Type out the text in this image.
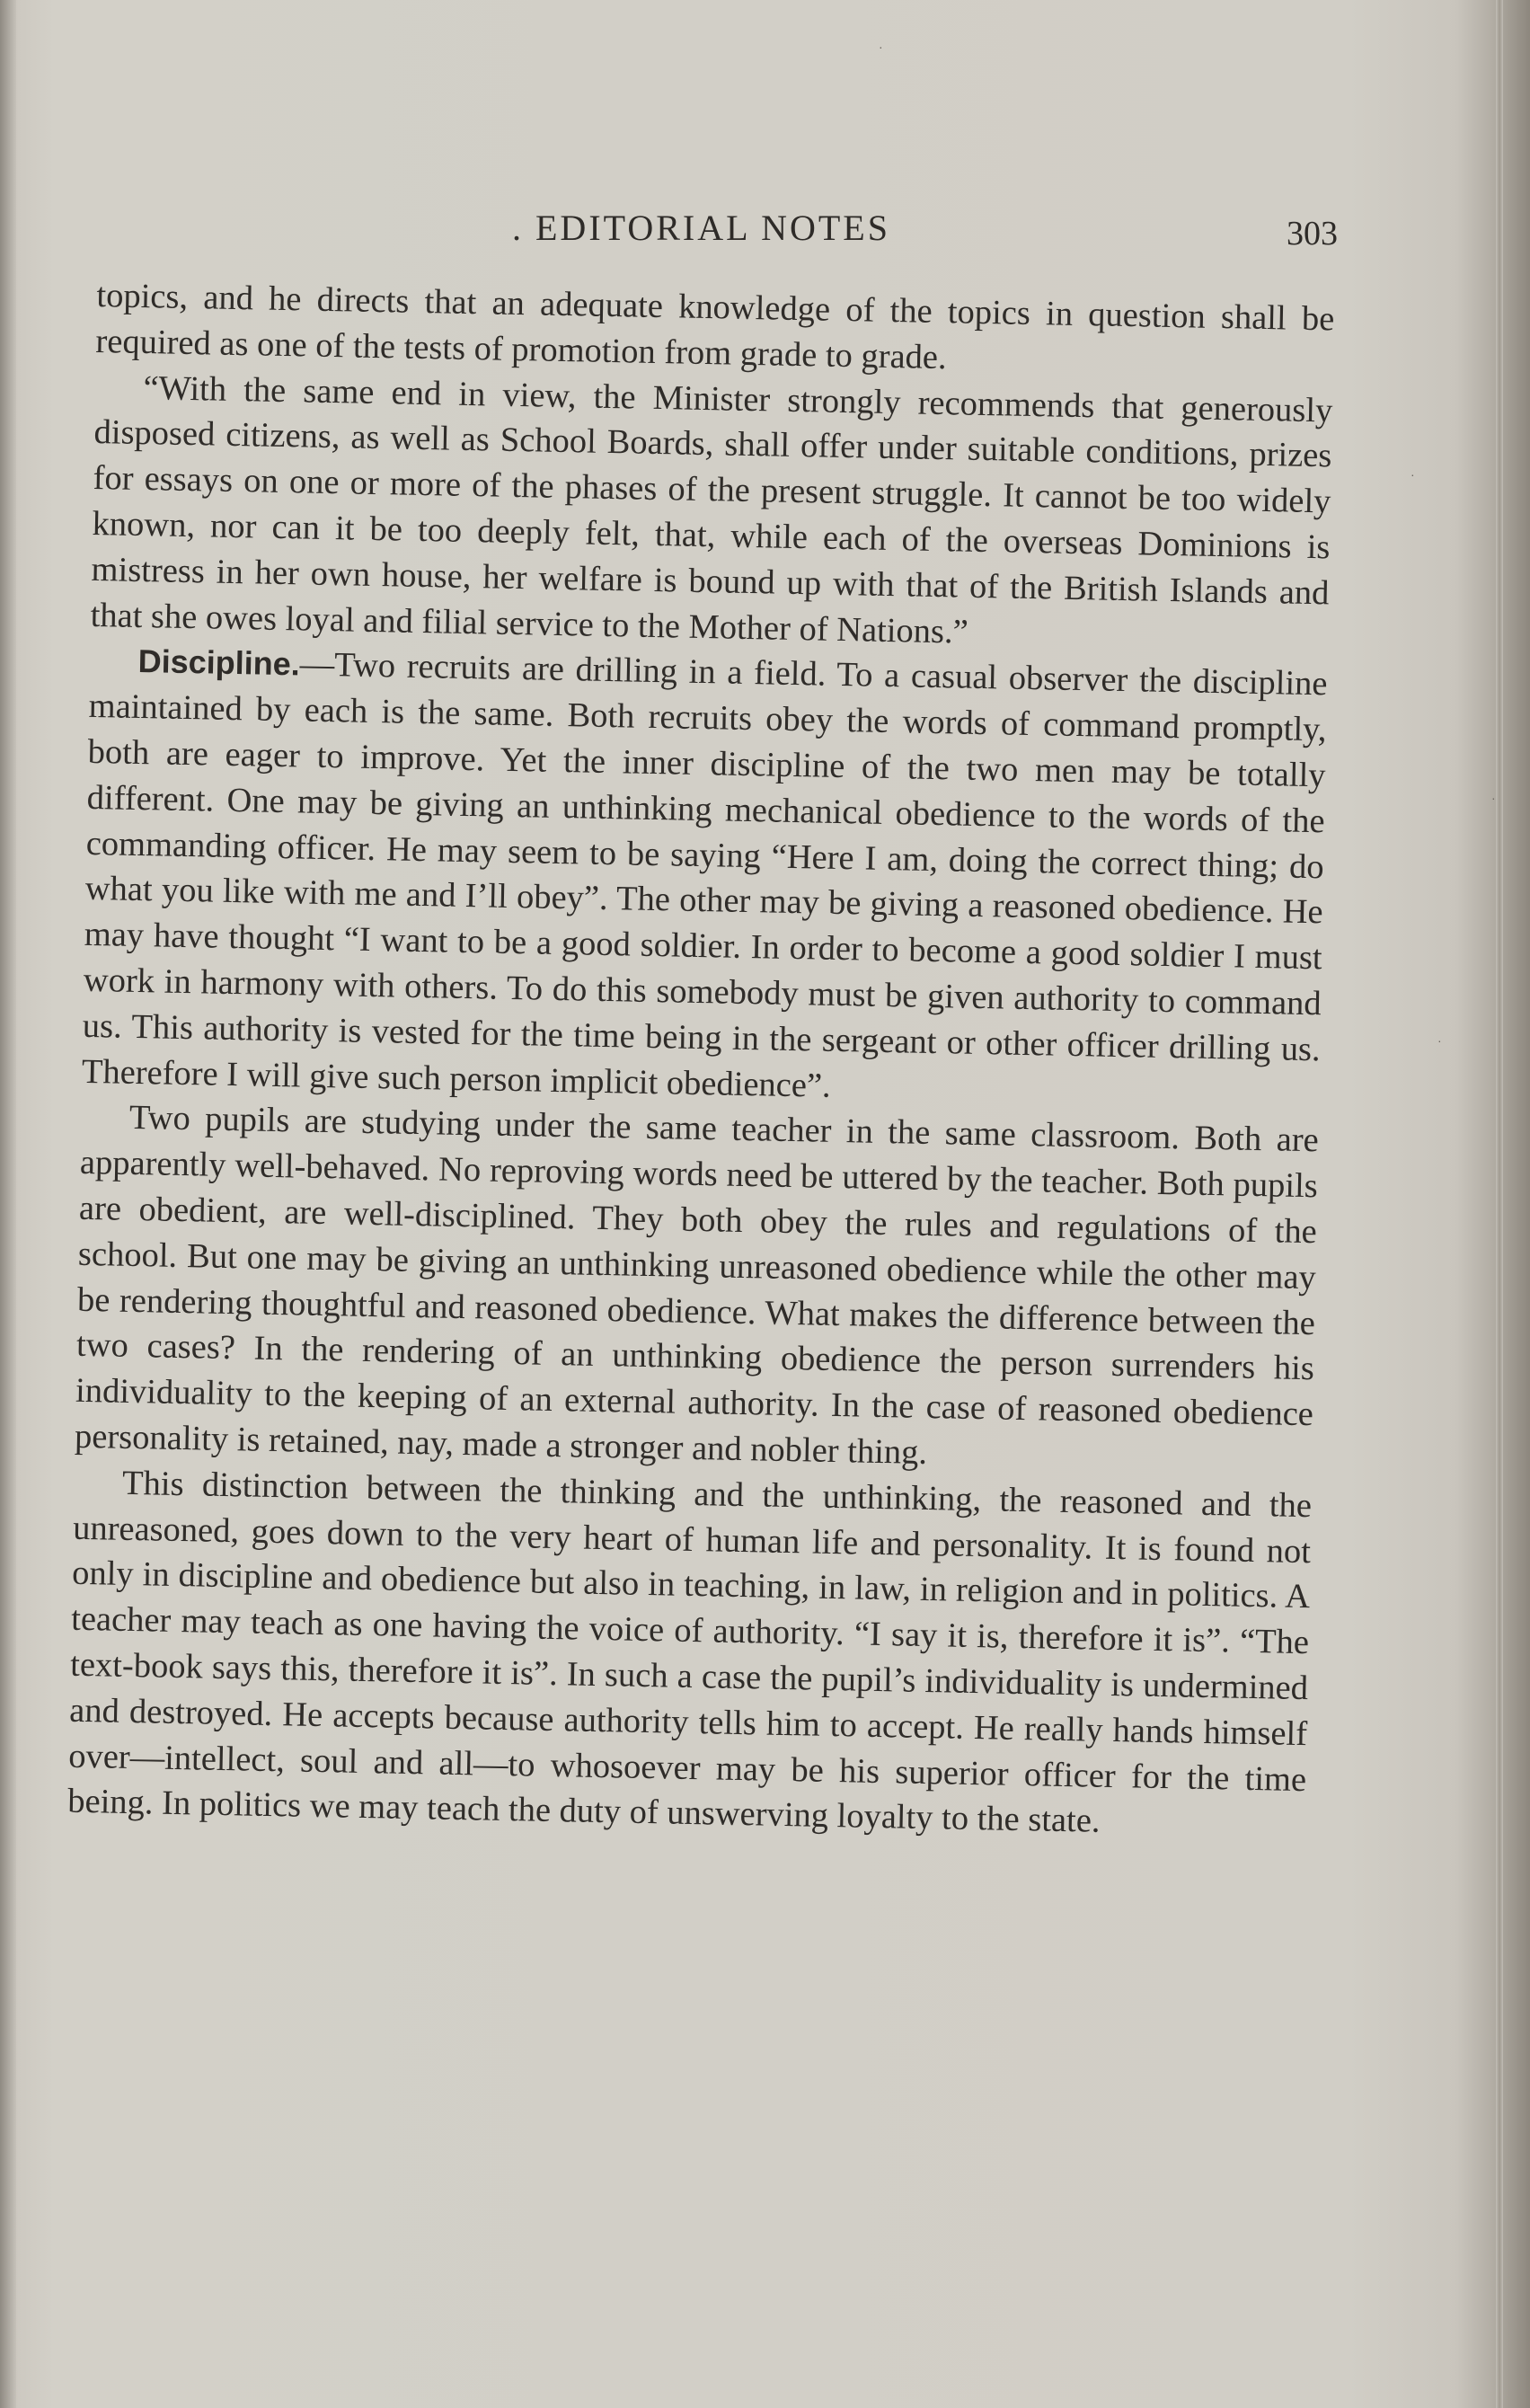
. EDITORIAL NOTES	303

topics, and he directs that an adequate knowledge of the topics in question shall be required as one of the tests of promotion from grade to grade.

“With the same end in view, the Minister strongly recommends that generously disposed citizens, as well as School Boards, shall offer under suitable conditions, prizes for essays on one or more of the phases of the present struggle. It cannot be too widely known, nor can it be too deeply felt, that, while each of the overseas Dominions is mistress in her own house, her welfare is bound up with that of the British Islands and that she owes loyal and filial service to the Mother of Nations.”

Discipline.—Two recruits are drilling in a field. To a casual observer the discipline maintained by each is the same. Both recruits obey the words of command promptly, both are eager to improve. Yet the inner discipline of the two men may be totally different. One may be giving an unthinking mechanical obedience to the words of the commanding officer. He may seem to be saying “Here I am, doing the correct thing; do what you like with me and I’ll obey”. The other may be giving a reasoned obedience. He may have thought “I want to be a good soldier. In order to become a good soldier I must work in harmony with others. To do this somebody must be given authority to command us. This authority is vested for the time being in the sergeant or other officer drilling us. Therefore I will give such person implicit obedience”.

Two pupils are studying under the same teacher in the same classroom. Both are apparently well-behaved. No reproving words need be uttered by the teacher. Both pupils are obedient, are well-disciplined. They both obey the rules and regulations of the school. But one may be giving an unthinking unreasoned obedience while the other may be rendering thoughtful and reasoned obedience. What makes the difference between the two cases? In the rendering of an unthinking obedience the person surrenders his individuality to the keeping of an external authority. In the case of reasoned obedience personality is retained, nay, made a stronger and nobler thing.

This distinction between the thinking and the unthinking, the reasoned and the unreasoned, goes down to the very heart of human life and personality. It is found not only in discipline and obedience but also in teaching, in law, in religion and in politics. A teacher may teach as one having the voice of authority. “I say it is, therefore it is”. “The text-book says this, therefore it is”. In such a case the pupil’s individuality is undermined and destroyed. He accepts because authority tells him to accept. He really hands himself over—intellect, soul and all—to whosoever may be his superior officer for the time being. In politics we may teach the duty of unswerving loyalty to the state.

·
·
·
·
